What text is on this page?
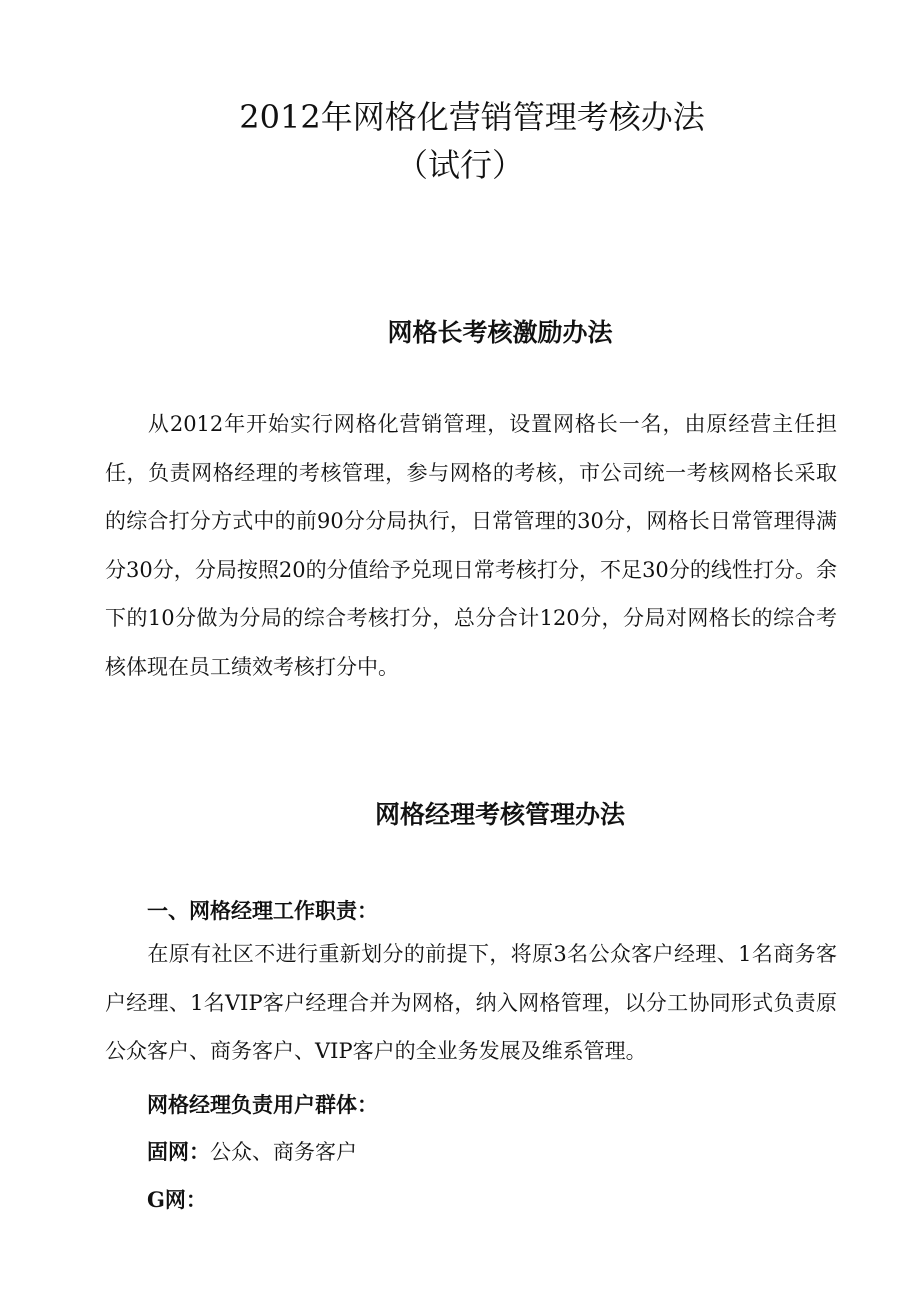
2012年网格化营销管理考核办法
（试行）
网格长考核激励办法
从2012年开始实行网格化营销管理，设置网格长一名，由原经营主任担任，负责网格经理的考核管理，参与网格的考核，市公司统一考核网格长采取的综合打分方式中的前90分分局执行，日常管理的30分，网格长日常管理得满分30分，分局按照20的分值给予兑现日常考核打分，不足30分的线性打分。余下的10分做为分局的综合考核打分，总分合计120分，分局对网格长的综合考核体现在员工绩效考核打分中。
网格经理考核管理办法
一、网格经理工作职责：
在原有社区不进行重新划分的前提下，将原3名公众客户经理、1名商务客户经理、1名VIP客户经理合并为网格，纳入网格管理，以分工协同形式负责原公众客户、商务客户、VIP客户的全业务发展及维系管理。
网格经理负责用户群体：
固网：公众、商务客户
G网：
